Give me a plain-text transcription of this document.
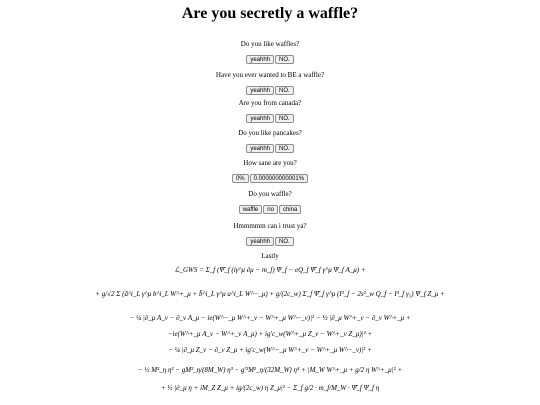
Are you secretly a waffle?
Do you like waffles?
yeahhh NO.
Have you ever wanted to BE a waffle?
yeahhh NO.
Are you from canada?
yeahhh NO.
Do you like pancakes?
yeahhh NO.
How sane are you?
0% 0.000000000001%
Do you waffle?
waffle no china
Hmmmmm can i trust ya?
yeahhh NO.
Lastly
ℒ_GWS = Σ_f (Ψ̄_f (iγ^μ ∂μ − m_f) Ψ_f − eQ_f Ψ̄_f γ^μ Ψ_f A_μ) +
+ g/√2 Σ (ā^i_L γ^μ b^i_L W^+_μ + b̄^i_L γ^μ a^i_L W^−_μ) + g/(2c_w) Σ_f Ψ̄_f γ^μ (I³_f − 2s²_w Q_f − I³_f γ₅) Ψ_f Z_μ +
− ¼ |∂_μ A_ν − ∂_ν A_μ − ie(W^−_μ W^+_ν − W^+_μ W^−_ν)|² − ½ |∂_μ W^+_ν − ∂_ν W^+_μ +
−ie(W^+_μ A_ν − W^+_ν A_μ) + ig′c_w(W^+_μ Z_ν − W^+_ν Z_μ)|² +
− ¼ |∂_μ Z_ν − ∂_ν Z_μ + ig′c_w(W^−_μ W^+_ν − W^+_μ W^−_ν)|² +
− ½ M²_η η² − gM²_η/(8M_W) η³ − g′²M²_η/(32M_W) η⁴ + |M_W W^+_μ + g/2 η W^+_μ|² +
+ ½ |∂_μ η + iM_Z Z_μ + ig/(2c_w) η Z_μ|² − Σ_f g/2 · m_f/M_W · Ψ̄_f Ψ_f η
